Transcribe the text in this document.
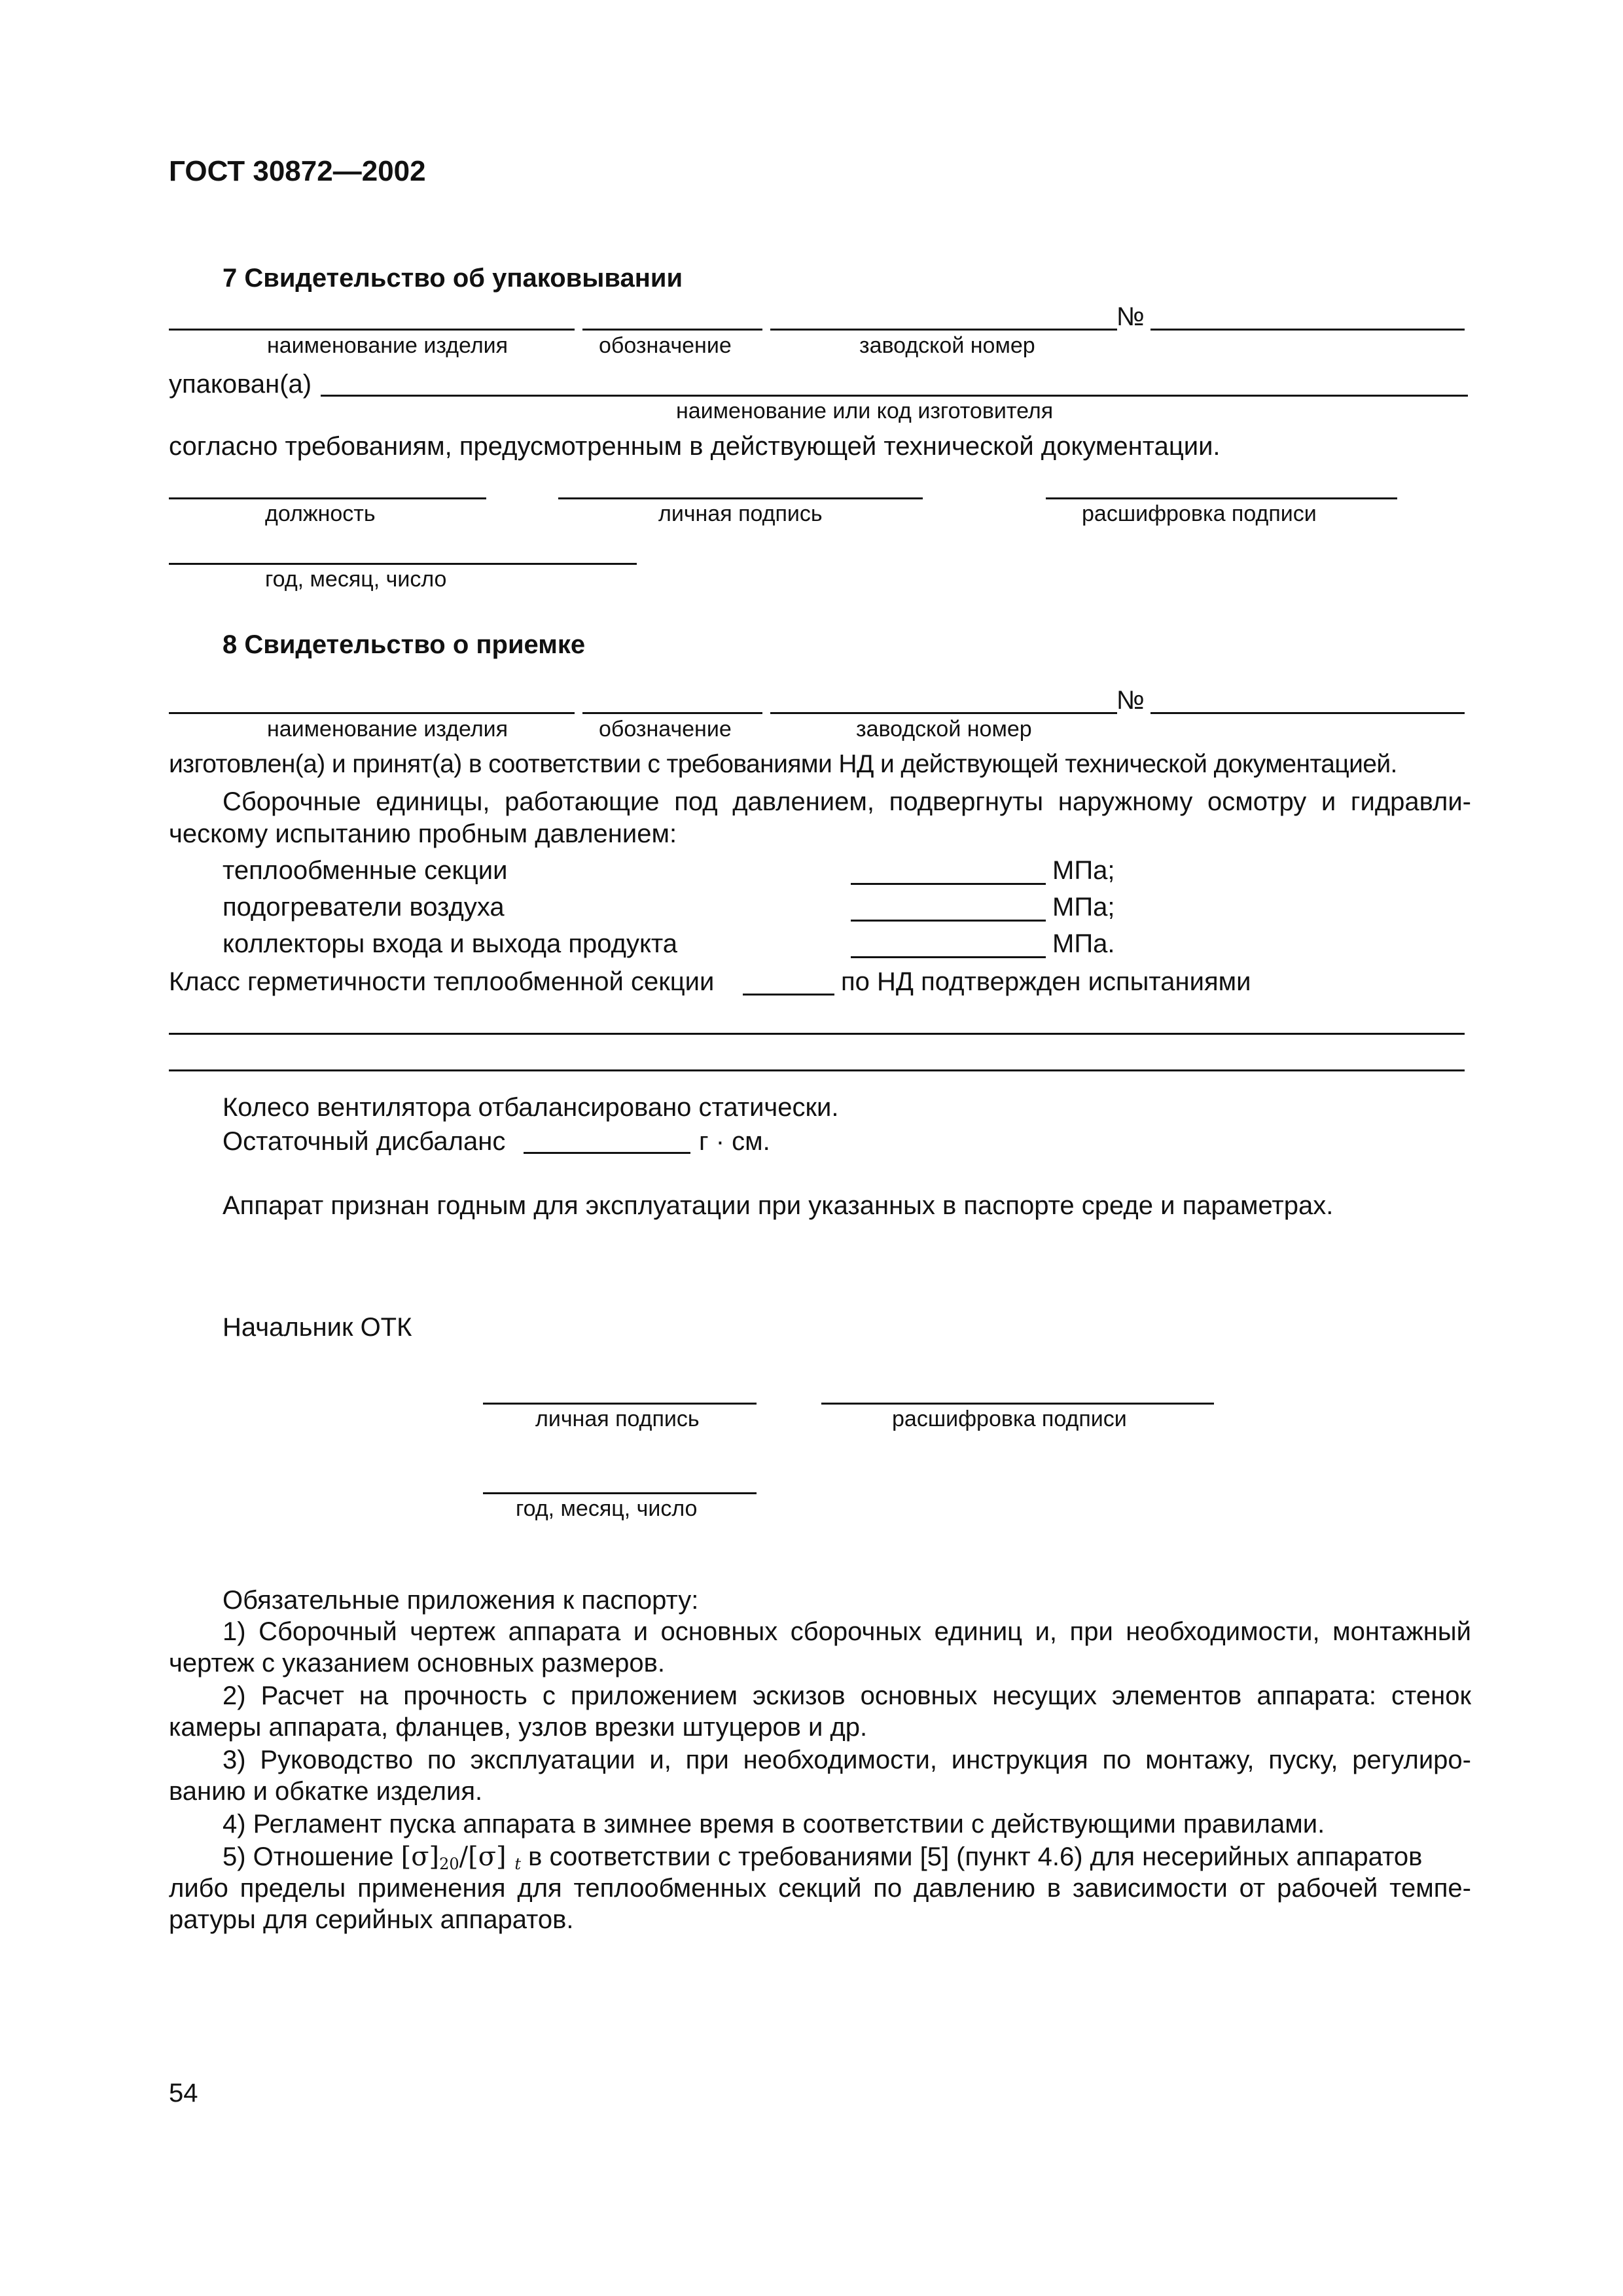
ГОСТ 30872—2002
7 Свидетельство об упаковывании
№
наименование изделия	обозначение	заводской номер
упакован(а)
наименование или код изготовителя
согласно требованиям, предусмотренным в действующей технической документации.
должность	личная подпись	расшифровка подписи
год, месяц, число
8 Свидетельство о приемке
№
наименование изделия	обозначение	заводской номер
изготовлен(а) и принят(а) в соответствии с требованиями НД и действующей технической документацией.
Сборочные единицы, работающие под давлением, подвергнуты наружному осмотру и гидравли-
ческому испытанию пробным давлением:
теплообменные секции	МПа;
подогреватели воздуха	МПа;
коллекторы входа и выхода продукта	МПа.
Класс герметичности теплообменной секции	по НД подтвержден испытаниями
Колесо вентилятора отбалансировано статически.
Остаточный дисбаланс	г · см.
Аппарат признан годным для эксплуатации при указанных в паспорте среде и параметрах.
Начальник ОТК
личная подпись	расшифровка подписи
год, месяц, число
Обязательные приложения к паспорту:
1) Сборочный чертеж аппарата и основных сборочных единиц и, при необходимости, монтажный
чертеж с указанием основных размеров.
2) Расчет на прочность с приложением эскизов основных несущих элементов аппарата: стенок
камеры аппарата, фланцев, узлов врезки штуцеров и др.
3) Руководство по эксплуатации и, при необходимости, инструкция по монтажу, пуску, регулиро-
ванию и обкатке изделия.
4) Регламент пуска аппарата в зимнее время в соответствии с действующими правилами.
5) Отношение $[\sigma]_{20}/[\sigma]$ $_t$ в соответствии с требованиями [5] (пункт 4.6) для несерийных аппаратов
либо пределы применения для теплообменных секций по давлению в зависимости от рабочей темпе-
ратуры для серийных аппаратов.
54
